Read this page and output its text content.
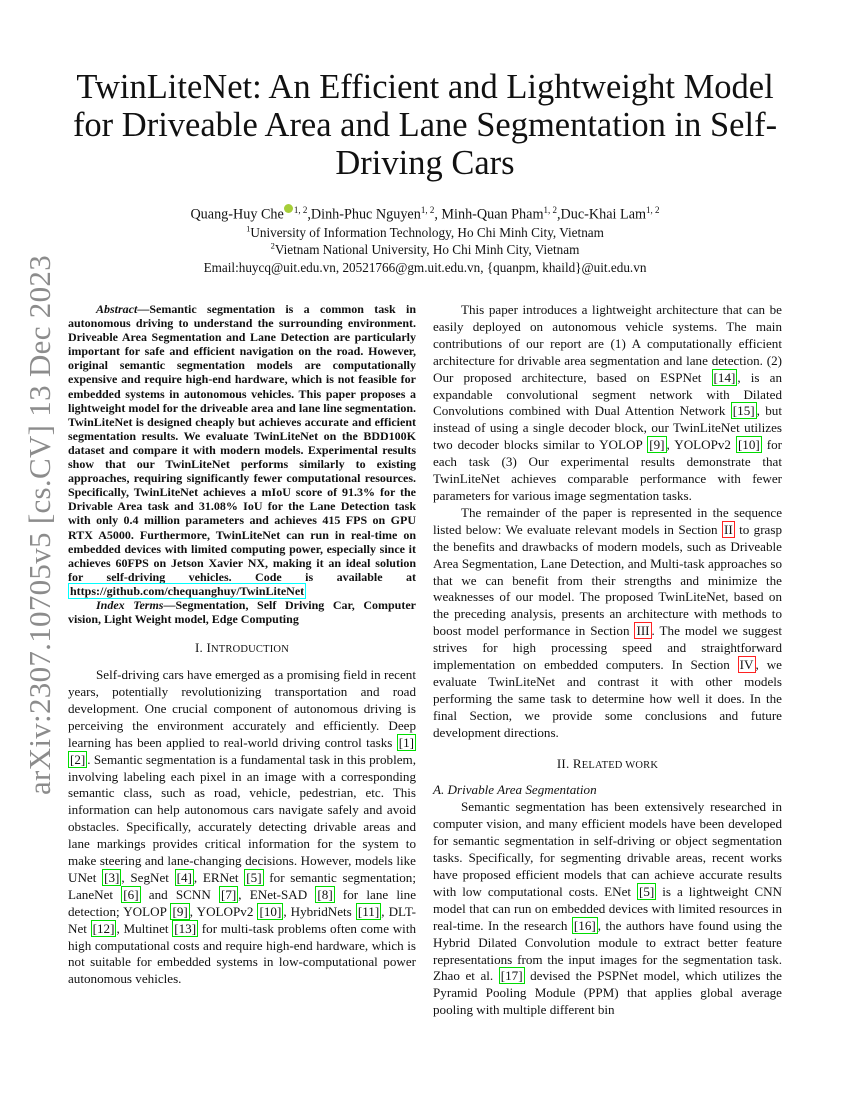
arXiv:2307.10705v5 [cs.CV] 13 Dec 2023
TwinLiteNet: An Efficient and Lightweight Model for Driveable Area and Lane Segmentation in Self-Driving Cars
Quang-Huy Che $^{1, 2}$,Dinh-Phuc Nguyen$^{1, 2}$, Minh-Quan Pham$^{1, 2}$,Duc-Khai Lam$^{1, 2}$
$^1$University of Information Technology, Ho Chi Minh City, Vietnam
$^2$Vietnam National University, Ho Chi Minh City, Vietnam
Email:huycq@uit.edu.vn, 20521766@gm.uit.edu.vn, {quanpm, khaild}@uit.edu.vn

Abstract—Semantic segmentation is a common task in autonomous driving to understand the surrounding environment. Driveable Area Segmentation and Lane Detection are particularly important for safe and efficient navigation on the road. However, original semantic segmentation models are computationally expensive and require high-end hardware, which is not feasible for embedded systems in autonomous vehicles. This paper proposes a lightweight model for the driveable area and lane line segmentation. TwinLiteNet is designed cheaply but achieves accurate and efficient segmentation results. We evaluate TwinLiteNet on the BDD100K dataset and compare it with modern models. Experimental results show that our TwinLiteNet performs similarly to existing approaches, requiring significantly fewer computational resources. Specifically, TwinLiteNet achieves a mIoU score of 91.3% for the Drivable Area task and 31.08% IoU for the Lane Detection task with only 0.4 million parameters and achieves 415 FPS on GPU RTX A5000. Furthermore, TwinLiteNet can run in real-time on embedded devices with limited computing power, especially since it achieves 60FPS on Jetson Xavier NX, making it an ideal solution for self-driving vehicles. Code is available at https://github.com/chequanghuy/TwinLiteNet

Index Terms—Segmentation, Self Driving Car, Computer vision, Light Weight model, Edge Computing

I. INTRODUCTION

Self-driving cars have emerged as a promising field in recent years, potentially revolutionizing transportation and road development. One crucial component of autonomous driving is perceiving the environment accurately and efficiently. Deep learning has been applied to real-world driving control tasks [1] [2] . Semantic segmentation is a fundamental task in this problem, involving labeling each pixel in an image with a corresponding semantic class, such as road, vehicle, pedestrian, etc. This information can help autonomous cars navigate safely and avoid obstacles. Specifically, accurately detecting drivable areas and lane markings provides critical information for the system to make steering and lane-changing decisions. However, models like UNet [3] , SegNet [4] , ERNet [5] for semantic segmentation; LaneNet [6] and SCNN [7] , ENet-SAD [8] for lane line detection; YOLOP [9] , YOLOPv2 [10] , HybridNets [11] , DLT-Net [12] , Multinet [13] for multi-task problems often come with high computational costs and require high-end hardware, which is not suitable for embedded systems in low-computational power autonomous vehicles.

This paper introduces a lightweight architecture that can be easily deployed on autonomous vehicle systems. The main contributions of our report are (1) A computationally efficient architecture for drivable area segmentation and lane detection. (2) Our proposed architecture, based on ESPNet [14] , is an expandable convolutional segment network with Dilated Convolutions combined with Dual Attention Network [15] , but instead of using a single decoder block, our TwinLiteNet utilizes two decoder blocks similar to YOLOP [9] , YOLOPv2 [10] for each task (3) Our experimental results demonstrate that TwinLiteNet achieves comparable performance with fewer parameters for various image segmentation tasks.

The remainder of the paper is represented in the sequence listed below: We evaluate relevant models in Section II to grasp the benefits and drawbacks of modern models, such as Driveable Area Segmentation, Lane Detection, and Multi-task approaches so that we can benefit from their strengths and minimize the weaknesses of our model. The proposed TwinLiteNet, based on the preceding analysis, presents an architecture with methods to boost model performance in Section III . The model we suggest strives for high processing speed and straightforward implementation on embedded computers. In Section IV , we evaluate TwinLiteNet and contrast it with other models performing the same task to determine how well it does. In the final Section, we provide some conclusions and future development directions.

II. RELATED WORK

A. Drivable Area Segmentation

Semantic segmentation has been extensively researched in computer vision, and many efficient models have been developed for semantic segmentation in self-driving or object segmentation tasks. Specifically, for segmenting drivable areas, recent works have proposed efficient models that can achieve accurate results with low computational costs. ENet [5] is a lightweight CNN model that can run on embedded devices with limited resources in real-time. In the research [16] , the authors have found using the Hybrid Dilated Convolution module to extract better feature representations from the input images for the segmentation task. Zhao et al. [17] devised the PSPNet model, which utilizes the Pyramid Pooling Module (PPM) that applies global average pooling with multiple different bin
